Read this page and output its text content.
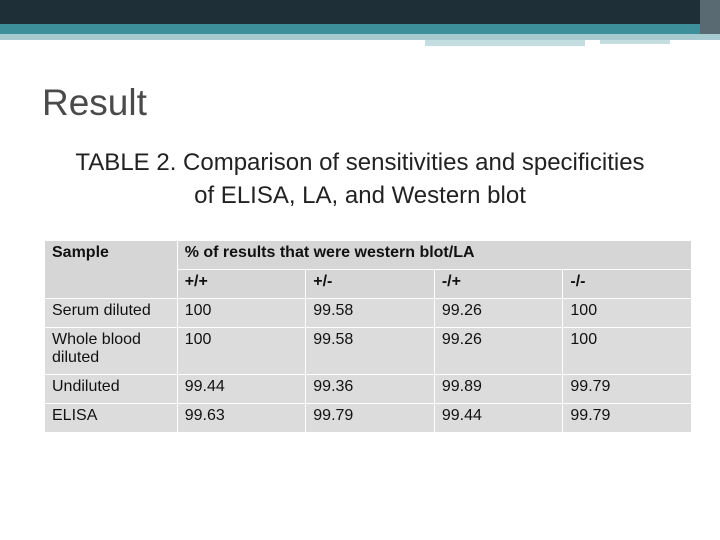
Result
TABLE 2. Comparison of sensitivities and specificities of ELISA, LA, and Western blot
Sample	% of results that were western blot/LA			
	+/+	+/-	-/+	-/-
Serum diluted	100	99.58	99.26	100
Whole blood diluted	100	99.58	99.26	100
Undiluted	99.44	99.36	99.89	99.79
ELISA	99.63	99.79	99.44	99.79
